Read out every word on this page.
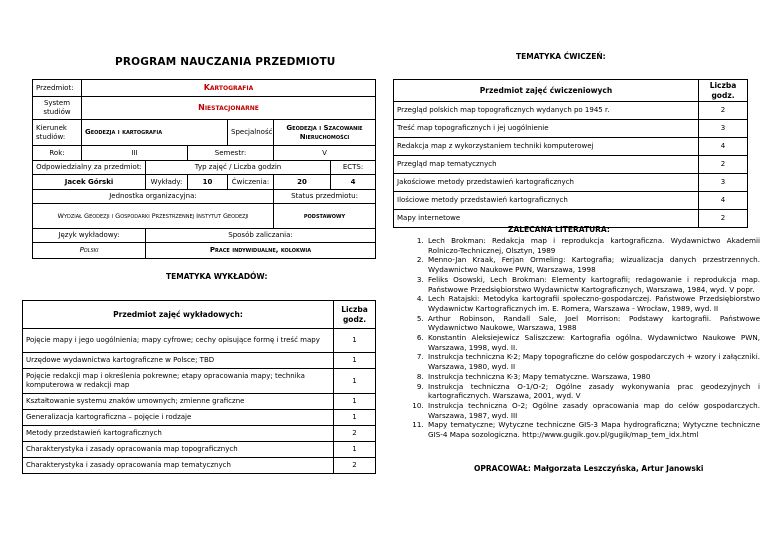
PROGRAM NAUCZANIA PRZEDMIOTU	TEMATYKA ĆWICZEŃ:
Przedmiot:	Kartografia					
System studiów	Niestacjonarne					
Kierunek studiów:	Geodezja i kartografia			Specjalność:	Geodezja i Szacowanie Nieruchomości	
Rok:	III		Semestr:		V	
Odpowiedzialny za przedmiot:		Typ zajęć / Liczba godzin				ECTS:
Jacek Górski		Wykłady:	10	Ćwiczenia:	20	4
Jednostka organizacyjna:					Status przedmiotu:	
Wydział Geodezji i Gospodarki Przestrzennej Instytut Geodezji					podstawowy	
Język wykładowy:		Sposób zaliczania:				
Polski		Prace indywidualne, kolokwia				
TEMATYKA WYKŁADÓW:
Przedmiot zajęć wykładowych:	Liczba godz.
Pojęcie mapy i jego uogólnienia; mapy cyfrowe; cechy opisujące formę i treść mapy	1
Urzędowe wydawnictwa kartograficzne w Polsce; TBD	1
Pojęcie redakcji map i określenia pokrewne; etapy opracowania mapy; technika komputerowa w redakcji map	1
Kształtowanie systemu znaków umownych; zmienne graficzne	1
Generalizacja kartograficzna – pojęcie i rodzaje	1
Metody przedstawień kartograficznych	2
Charakterystyka i zasady opracowania map topograficznych	1
Charakterystyka i zasady opracowania map tematycznych	2
Przedmiot zajęć ćwiczeniowych	Liczba godz.
Przegląd polskich map topograficznych wydanych po 1945 r.	2
Treść map topograficznych i jej uogólnienie	3
Redakcja map z wykorzystaniem techniki komputerowej	4
Przegląd map tematycznych	2
Jakościowe metody przedstawień kartograficznych	3
Ilościowe metody przedstawień kartograficznych	4
Mapy internetowe	2
ZALECANA LITERATURA:
1. Lech Brokman: Redakcja map i reprodukcja kartograficzna. Wydawnictwo Akademii Rolniczo-Technicznej, Olsztyn, 1989
2. Menno-Jan Kraak, Ferjan Ormeling: Kartografia; wizualizacja danych przestrzennych. Wydawnictwo Naukowe PWN, Warszawa, 1998
3. Feliks Osowski, Lech Brokman: Elementy kartografii; redagowanie i reprodukcja map. Państwowe Przedsiębiorstwo Wydawnictw Kartograficznych, Warszawa, 1984, wyd. V popr.
4. Lech Ratajski: Metodyka kartografii społeczno-gospodarczej. Państwowe Przedsiębiorstwo Wydawnictw Kartograficznych im. E. Romera, Warszawa - Wrocław, 1989, wyd. II
5. Arthur Robinson, Randall Sale, Joel Morrison: Podstawy kartografii. Państwowe Wydawnictwo Naukowe, Warszawa, 1988
6. Konstantin Aleksiejewicz Saliszczew: Kartografia ogólna. Wydawnictwo Naukowe PWN, Warszawa, 1998, wyd. II.
7. Instrukcja techniczna K-2; Mapy topograficzne do celów gospodarczych + wzory i załączniki. Warszawa, 1980, wyd. II
8. Instrukcja techniczna K-3; Mapy tematyczne. Warszawa, 1980
9. Instrukcja techniczna O-1/O-2; Ogólne zasady wykonywania prac geodezyjnych i kartograficznych. Warszawa, 2001, wyd. V
10. Instrukcja techniczna O-2; Ogólne zasady opracowania map do celów gospodarczych. Warszawa, 1987, wyd. III
11. Mapy tematyczne; Wytyczne techniczne GIS-3 Mapa hydrograficzna; Wytyczne techniczne GIS-4 Mapa sozologiczna. http://www.gugik.gov.pl/gugik/map_tem_idx.html
OPRACOWAŁ: Małgorzata Leszczyńska, Artur Janowski
